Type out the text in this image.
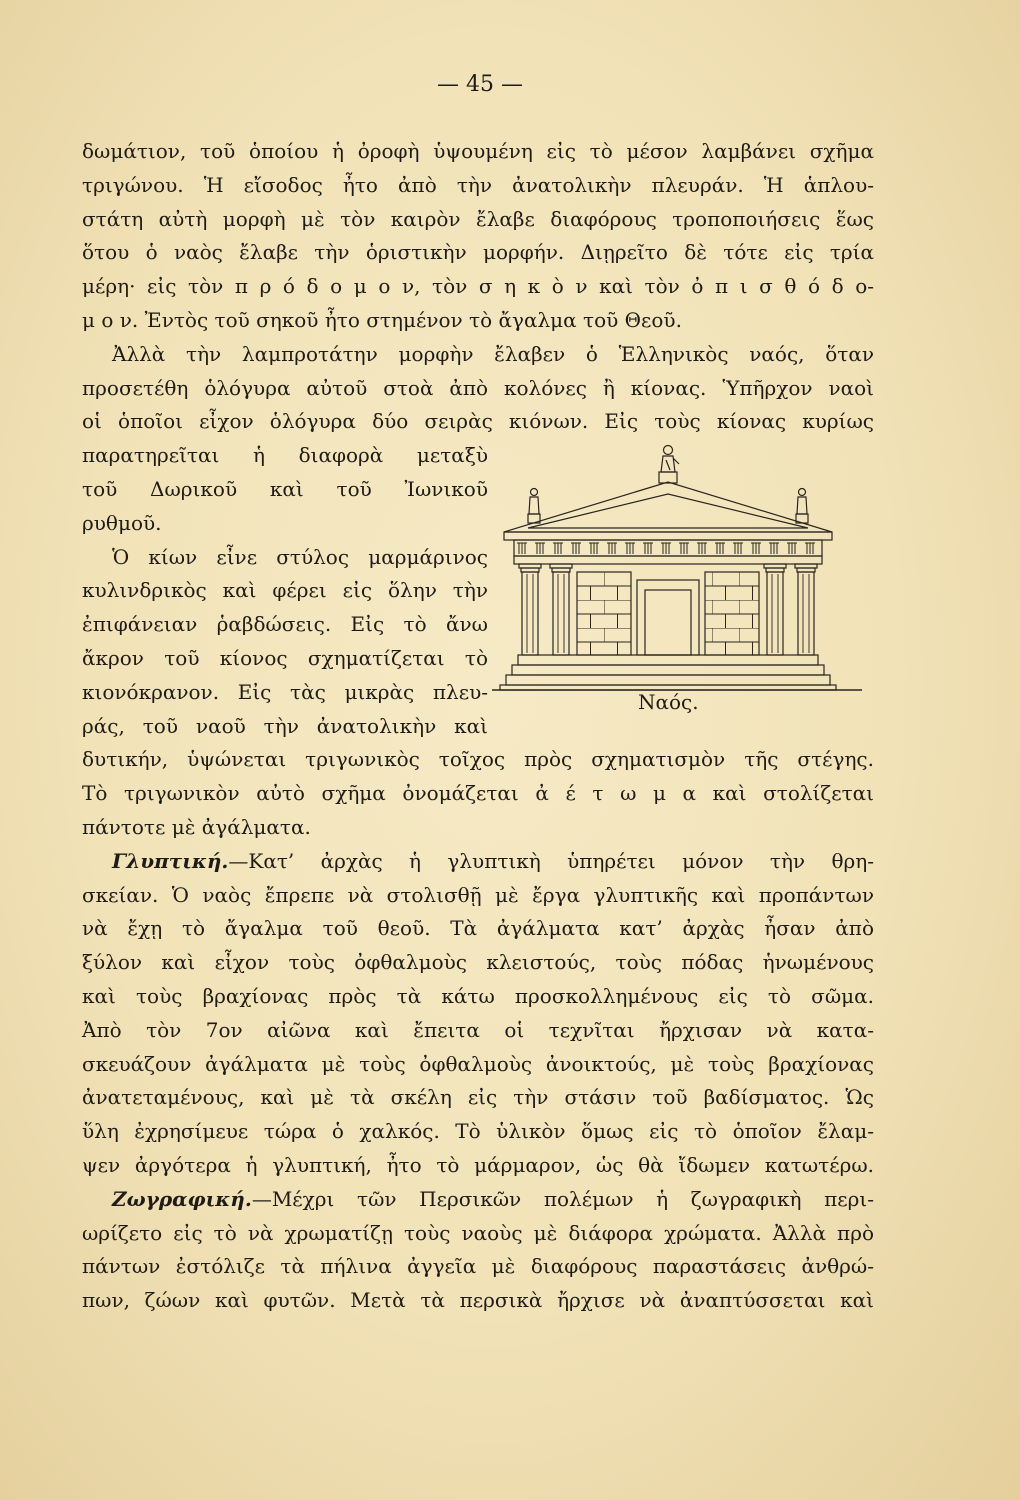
— 45 —
δωμάτιον, τοῦ ὁποίου ἡ ὀροφὴ ὑψουμένη εἰς τὸ μέσον λαμβάνει σχῆμα
τριγώνου. Ἡ εἴσοδος ἦτο ἀπὸ τὴν ἀνατολικὴν πλευράν. Ἡ ἁπλου-
στάτη αὐτὴ μορφὴ μὲ τὸν καιρὸν ἔλαβε διαφόρους τροποποιήσεις ἕως
ὅτου ὁ ναὸς ἔλαβε τὴν ὁριστικὴν μορφήν. Διῃρεῖτο δὲ τότε εἰς τρία
μέρη· εἰς τὸν π ρ ό δ ο μ ο ν, τὸν σ η κ ὸ ν καὶ τὸν ὀ π ι σ θ ό δ ο-
μ ο ν. Ἐντὸς τοῦ σηκοῦ ἦτο στημένον τὸ ἄγαλμα τοῦ Θεοῦ.
Ἀλλὰ τὴν λαμπροτάτην μορφὴν ἔλαβεν ὁ Ἑλληνικὸς ναός, ὅταν
προσετέθη ὁλόγυρα αὐτοῦ στοὰ ἀπὸ κολόνες ἢ κίονας. Ὑπῆρχον ναοὶ
οἱ ὁποῖοι εἶχον ὁλόγυρα δύο σειρὰς κιόνων. Εἰς τοὺς κίονας κυρίως
παρατηρεῖται ἡ διαφορὰ μεταξὺ
τοῦ Δωρικοῦ καὶ τοῦ Ἰωνικοῦ
ρυθμοῦ.
Ὁ κίων εἶνε στύλος μαρμάρινος
κυλινδρικὸς καὶ φέρει εἰς ὅλην τὴν
ἐπιφάνειαν ῥαβδώσεις. Εἰς τὸ ἄνω
ἄκρον τοῦ κίονος σχηματίζεται τὸ
κιονόκρανον. Εἰς τὰς μικρὰς πλευ-
ράς, τοῦ ναοῦ τὴν ἀνατολικὴν καὶ
δυτικήν, ὑψώνεται τριγωνικὸς τοῖχος πρὸς σχηματισμὸν τῆς στέγης.
Τὸ τριγωνικὸν αὐτὸ σχῆμα ὀνομάζεται ἀ έ τ ω μ α καὶ στολίζεται
πάντοτε μὲ ἀγάλματα.
Γλυπτική.—Κατ’ ἀρχὰς ἡ γλυπτικὴ ὑπηρέτει μόνον τὴν θρη-
σκείαν. Ὁ ναὸς ἔπρεπε νὰ στολισθῇ μὲ ἔργα γλυπτικῆς καὶ προπάντων
νὰ ἔχῃ τὸ ἄγαλμα τοῦ θεοῦ. Τὰ ἀγάλματα κατ’ ἀρχὰς ἦσαν ἀπὸ
ξύλον καὶ εἶχον τοὺς ὀφθαλμοὺς κλειστούς, τοὺς πόδας ἡνωμένους
καὶ τοὺς βραχίονας πρὸς τὰ κάτω προσκολλημένους εἰς τὸ σῶμα.
Ἀπὸ τὸν 7ον αἰῶνα καὶ ἔπειτα οἱ τεχνῖται ἤρχισαν νὰ κατα-
σκευάζουν ἀγάλματα μὲ τοὺς ὀφθαλμοὺς ἀνοικτούς, μὲ τοὺς βραχίονας
ἀνατεταμένους, καὶ μὲ τὰ σκέλη εἰς τὴν στάσιν τοῦ βαδίσματος. Ὡς
ὕλη ἐχρησίμευε τώρα ὁ χαλκός. Τὸ ὑλικὸν ὅμως εἰς τὸ ὁποῖον ἔλαμ-
ψεν ἀργότερα ἡ γλυπτική, ἦτο τὸ μάρμαρον, ὡς θὰ ἴδωμεν κατωτέρω.
Ζωγραφική.—Μέχρι τῶν Περσικῶν πολέμων ἡ ζωγραφικὴ περι-
ωρίζετο εἰς τὸ νὰ χρωματίζῃ τοὺς ναοὺς μὲ διάφορα χρώματα. Ἀλλὰ πρὸ
πάντων ἐστόλιζε τὰ πήλινα ἀγγεῖα μὲ διαφόρους παραστάσεις ἀνθρώ-
πων, ζώων καὶ φυτῶν. Μετὰ τὰ περσικὰ ἤρχισε νὰ ἀναπτύσσεται καὶ
Ναός.
